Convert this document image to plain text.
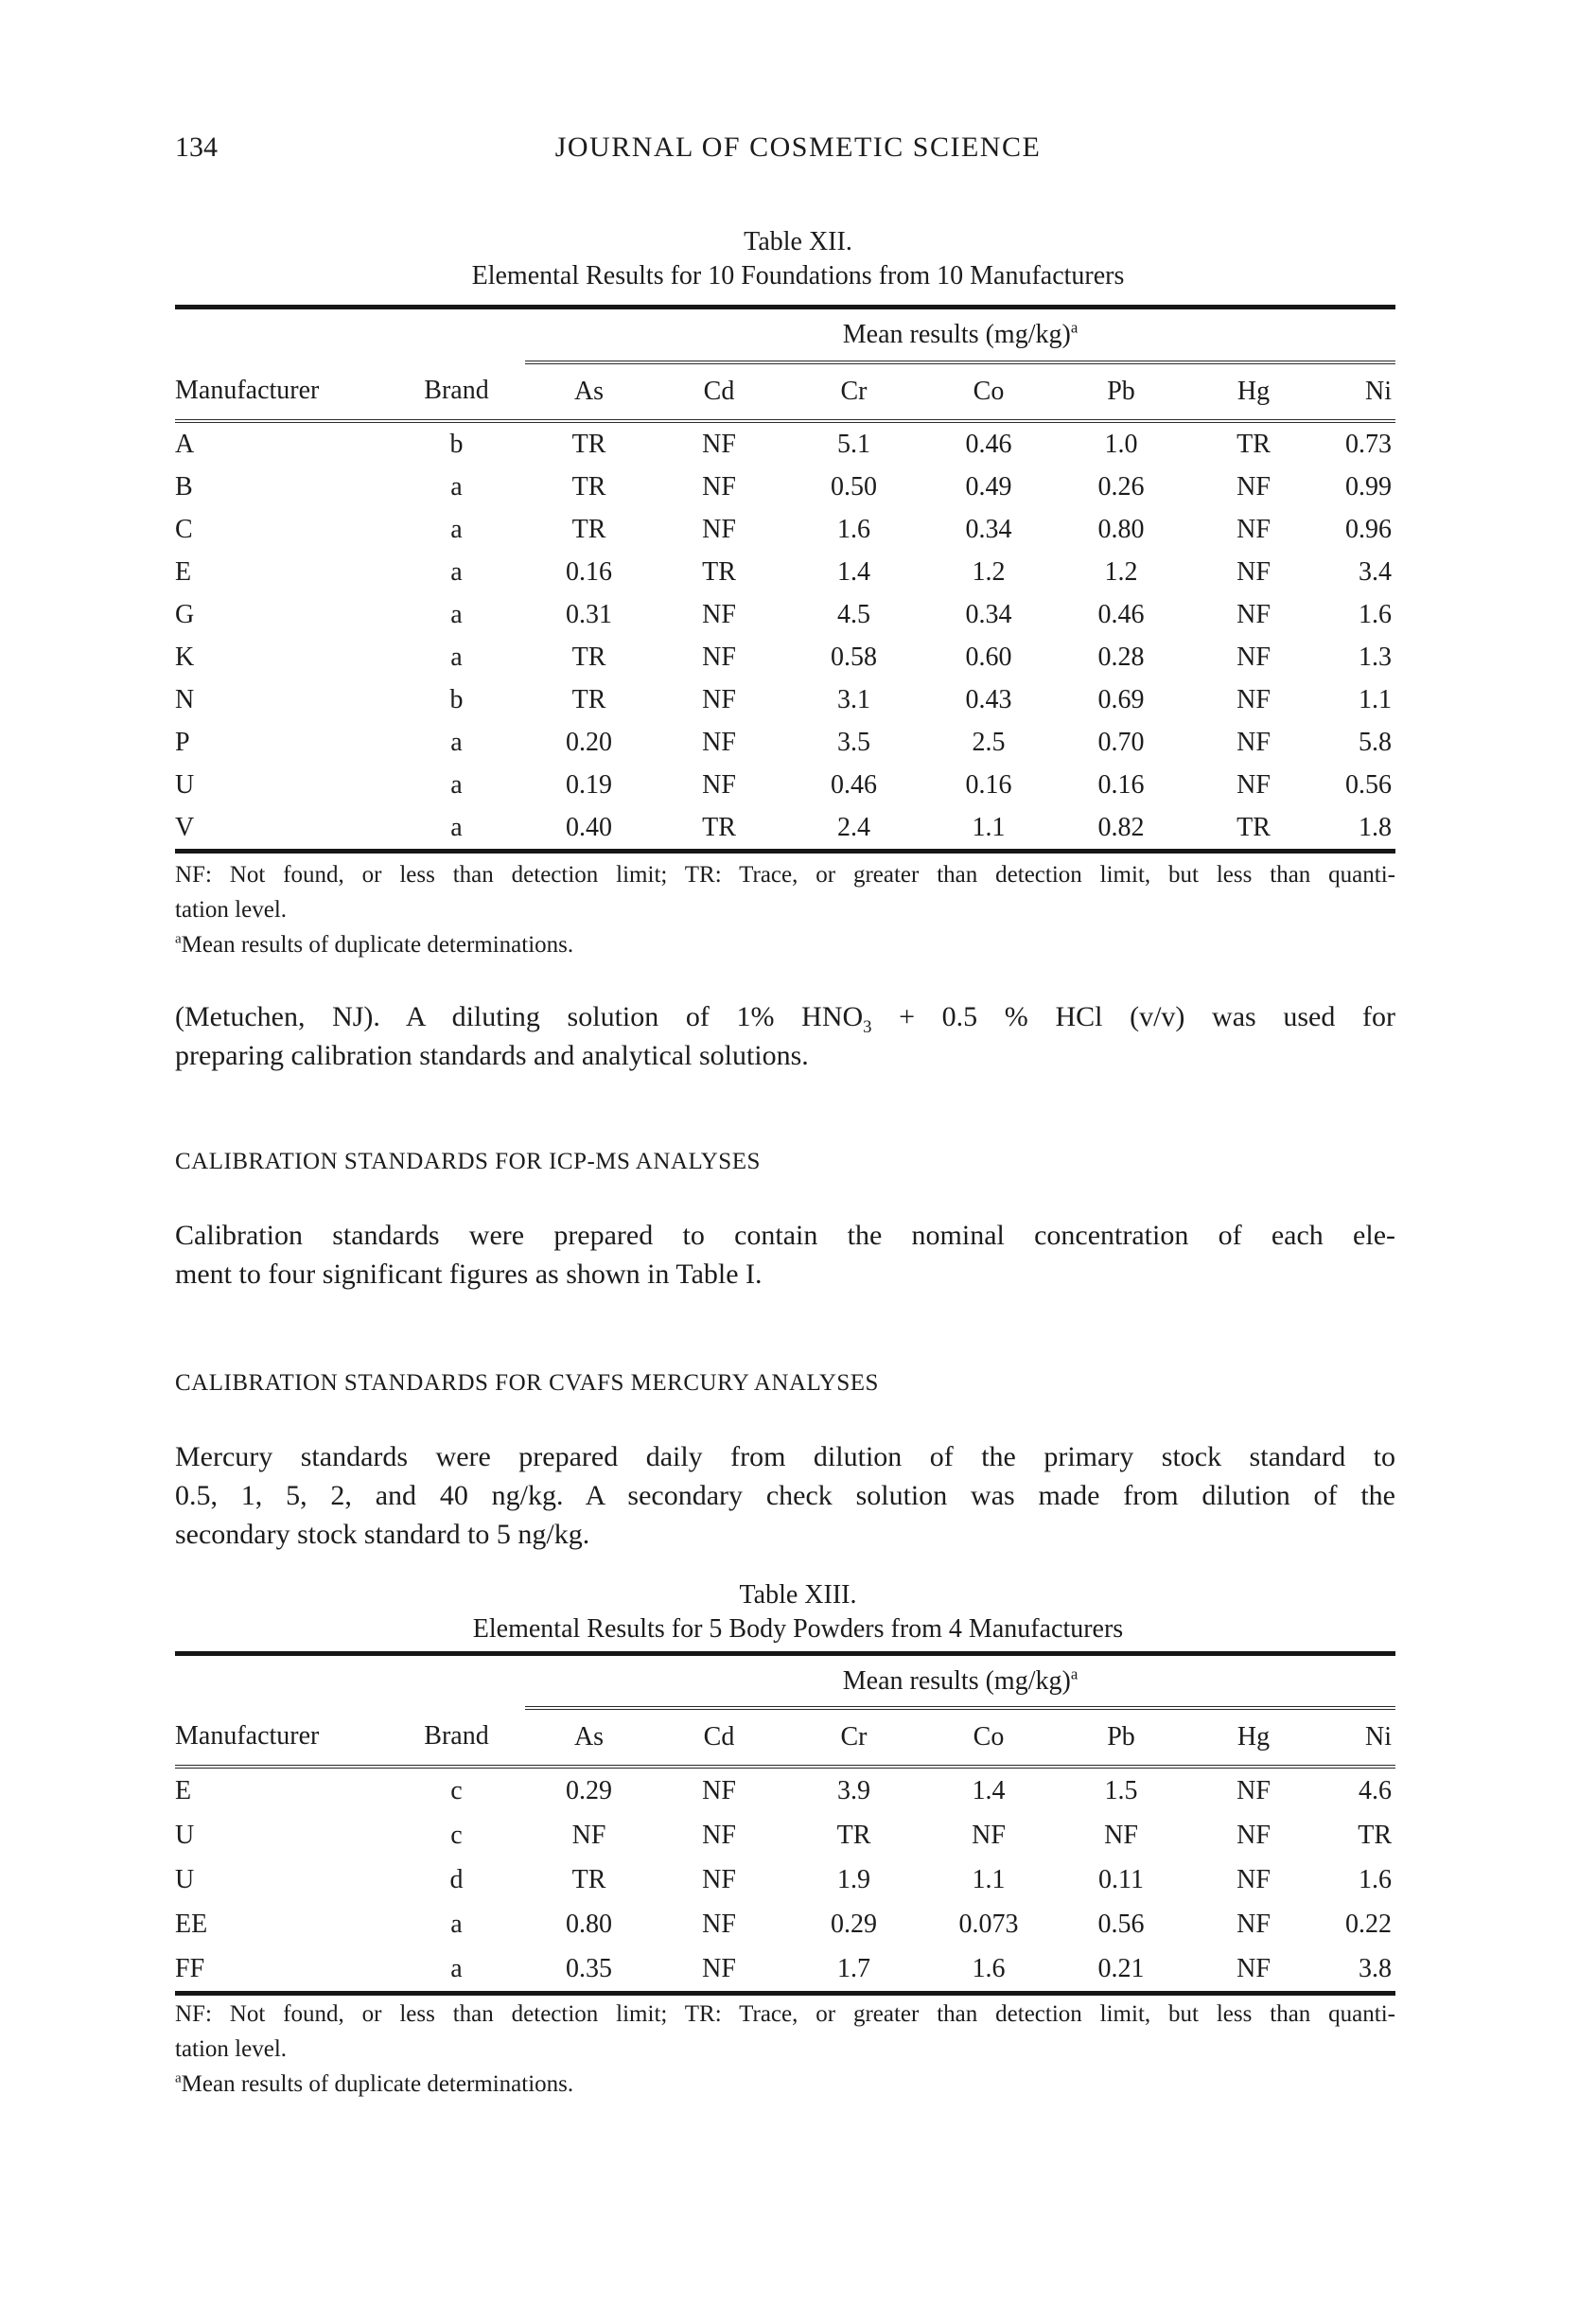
134	JOURNAL OF COSMETIC SCIENCE
Table XII.
Elemental Results for 10 Foundations from 10 Manufacturers
		Mean results $(mg/kg)^a$
Manufacturer	Brand	As	Cd	Cr	Co	Pb	Hg	Ni
A	b	TR	NF	5.1	0.46	1.0	TR	0.73
B	a	TR	NF	0.50	0.49	0.26	NF	0.99
C	a	TR	NF	1.6	0.34	0.80	NF	0.96
E	a	0.16	TR	1.4	1.2	1.2	NF	3.4
G	a	0.31	NF	4.5	0.34	0.46	NF	1.6
K	a	TR	NF	0.58	0.60	0.28	NF	1.3
N	b	TR	NF	3.1	0.43	0.69	NF	1.1
P	a	0.20	NF	3.5	2.5	0.70	NF	5.8
U	a	0.19	NF	0.46	0.16	0.16	NF	0.56
V	a	0.40	TR	2.4	1.1	0.82	TR	1.8
NF: Not found, or less than detection limit; TR: Trace, or greater than detection limit, but less than quanti-
tation level.
$^a$Mean results of duplicate determinations.
(Metuchen, NJ). A diluting solution of 1% $HNO_3 + 0.5$ % HCl (v/v) was used for
preparing calibration standards and analytical solutions.
CALIBRATION STANDARDS FOR ICP-MS ANALYSES
Calibration standards were prepared to contain the nominal concentration of each ele-
ment to four significant figures as shown in Table I.
CALIBRATION STANDARDS FOR CVAFS MERCURY ANALYSES
Mercury standards were prepared daily from dilution of the primary stock standard to
0.5, 1, 5, 2, and 40 ng/kg. A secondary check solution was made from dilution of the
secondary stock standard to 5 ng/kg.
Table XIII.
Elemental Results for 5 Body Powders from 4 Manufacturers
		Mean results $(mg/kg)^a$
Manufacturer	Brand	As	Cd	Cr	Co	Pb	Hg	Ni
E	c	0.29	NF	3.9	1.4	1.5	NF	4.6
U	c	NF	NF	TR	NF	NF	NF	TR
U	d	TR	NF	1.9	1.1	0.11	NF	1.6
EE	a	0.80	NF	0.29	0.073	0.56	NF	0.22
FF	a	0.35	NF	1.7	1.6	0.21	NF	3.8
NF: Not found, or less than detection limit; TR: Trace, or greater than detection limit, but less than quanti-
tation level.
$^a$Mean results of duplicate determinations.
